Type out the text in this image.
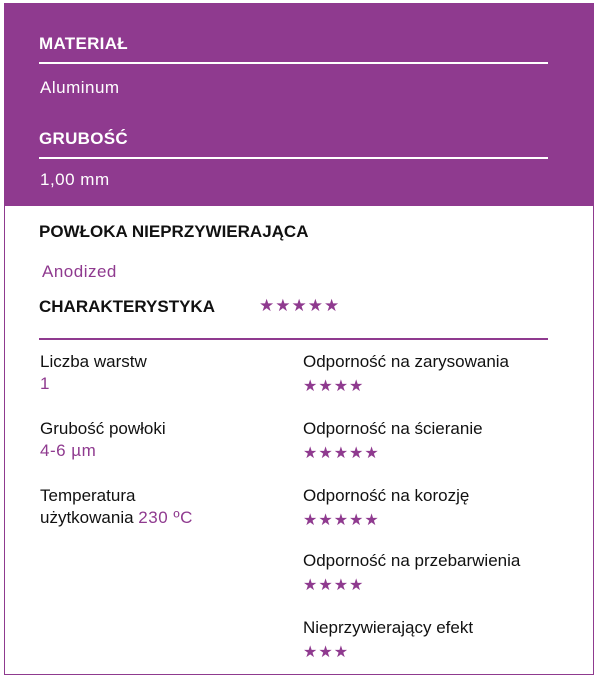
MATERIAŁ
Aluminum
GRUBOŚĆ
1,00 mm
POWŁOKA NIEPRZYWIERAJĄCA
Anodized
CHARAKTERYSTYKA	★★★★★
Liczba warstw
1
Grubość powłoki
4-6 µm
Temperatura
użytkowania 230 ºC
Odporność na zarysowania
★★★★
Odporność na ścieranie
★★★★★
Odporność na korozję
★★★★★
Odporność na przebarwienia
★★★★
Nieprzywierający efekt
★★★
